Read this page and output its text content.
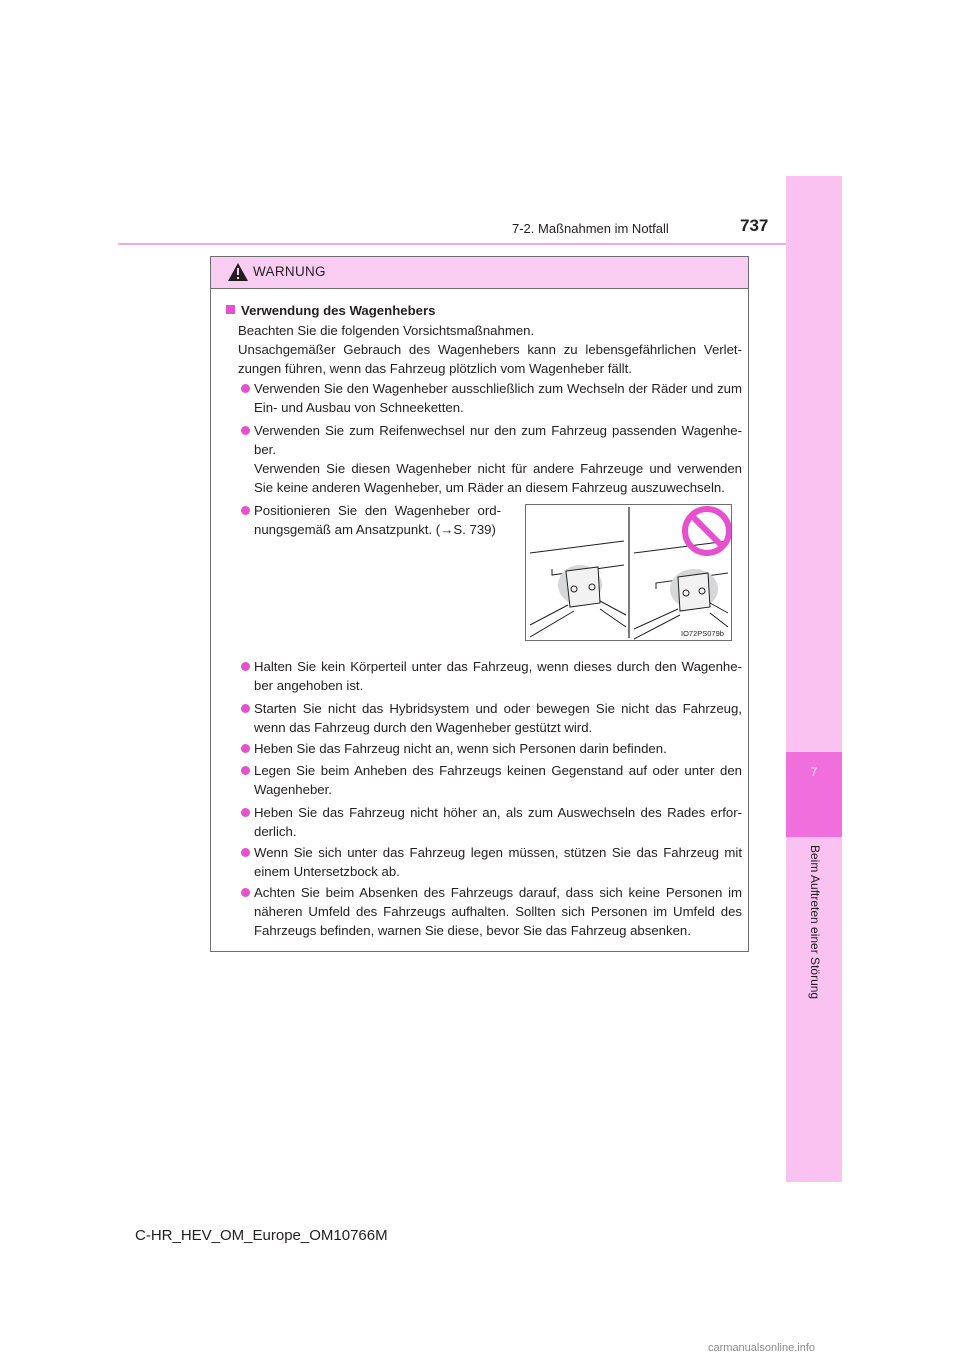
7-2. Maßnahmen im Notfall	737
7
Beim Auftreten einer Störung
WARNUNG
Verwendung des Wagenhebers
Beachten Sie die folgenden Vorsichtsmaßnahmen.
Unsachgemäßer Gebrauch des Wagenhebers kann zu lebensgefährlichen Verlet-
zungen führen, wenn das Fahrzeug plötzlich vom Wagenheber fällt.
Verwenden Sie den Wagenheber ausschließlich zum Wechseln der Räder und zum Ein- und Ausbau von Schneeketten.
Verwenden Sie zum Reifenwechsel nur den zum Fahrzeug passenden Wagenhe-ber.
Verwenden Sie diesen Wagenheber nicht für andere Fahrzeuge und verwenden Sie keine anderen Wagenheber, um Räder an diesem Fahrzeug auszuwechseln.
Positionieren Sie den Wagenheber ord-
nungsgemäß am Ansatzpunkt. (→S. 739)
IO72PS079b
Halten Sie kein Körperteil unter das Fahrzeug, wenn dieses durch den Wagenhe-ber angehoben ist.
Starten Sie nicht das Hybridsystem und oder bewegen Sie nicht das Fahrzeug, wenn das Fahrzeug durch den Wagenheber gestützt wird.
Heben Sie das Fahrzeug nicht an, wenn sich Personen darin befinden.
Legen Sie beim Anheben des Fahrzeugs keinen Gegenstand auf oder unter den Wagenheber.
Heben Sie das Fahrzeug nicht höher an, als zum Auswechseln des Rades erfor-derlich.
Wenn Sie sich unter das Fahrzeug legen müssen, stützen Sie das Fahrzeug mit einem Untersetzbock ab.
Achten Sie beim Absenken des Fahrzeugs darauf, dass sich keine Personen im näheren Umfeld des Fahrzeugs aufhalten. Sollten sich Personen im Umfeld des Fahrzeugs befinden, warnen Sie diese, bevor Sie das Fahrzeug absenken.
C-HR_HEV_OM_Europe_OM10766M
carmanualsonline.info
